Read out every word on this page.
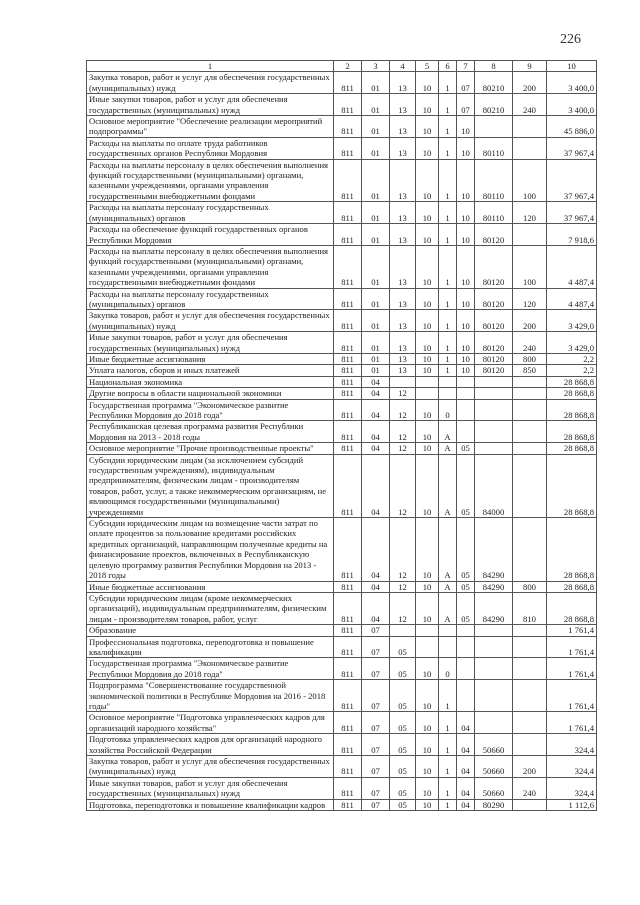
226
1	2	3	4	5	6	7	8	9	10
Закупка товаров, работ и услуг для обеспечения государственных (муниципальных) нужд	811	01	13	10	1	07	80210	200	3 400,0
Иные закупки товаров, работ и услуг для обеспечения государственных (муниципальных) нужд	811	01	13	10	1	07	80210	240	3 400,0
Основное мероприятие "Обеспечение реализации мероприятий подпрограммы"	811	01	13	10	1	10			45 886,0
Расходы на выплаты по оплате труда работников государственных органов Республики Мордовия	811	01	13	10	1	10	80110		37 967,4
Расходы на выплаты персоналу в целях обеспечения выполнения функций государственными (муниципальными) органами, казенными учреждениями, органами управления государственными внебюджетными фондами	811	01	13	10	1	10	80110	100	37 967,4
Расходы на выплаты персоналу государственных (муниципальных) органов	811	01	13	10	1	10	80110	120	37 967,4
Расходы на обеспечение функций государственных органов Республики Мордовия	811	01	13	10	1	10	80120		7 918,6
Расходы на выплаты персоналу в целях обеспечения выполнения функций государственными (муниципальными) органами, казенными учреждениями, органами управления государственными внебюджетными фондами	811	01	13	10	1	10	80120	100	4 487,4
Расходы на выплаты персоналу государственных (муниципальных) органов	811	01	13	10	1	10	80120	120	4 487,4
Закупка товаров, работ и услуг для обеспечения государственных (муниципальных) нужд	811	01	13	10	1	10	80120	200	3 429,0
Иные закупки товаров, работ и услуг для обеспечения государственных (муниципальных) нужд	811	01	13	10	1	10	80120	240	3 429,0
Иные бюджетные ассигнования	811	01	13	10	1	10	80120	800	2,2
Уплата налогов, сборов и иных платежей	811	01	13	10	1	10	80120	850	2,2
Национальная экономика	811	04							28 868,8
Другие вопросы в области национальной экономики	811	04	12						28 868,8
Государственная программа "Экономическое развитие Республики Мордовия до 2018 года"	811	04	12	10	0				28 868,8
Республиканская целевая программа развития Республики Мордовия на 2013 - 2018 годы	811	04	12	10	А				28 868,8
Основное мероприятие "Прочие производственные проекты"	811	04	12	10	А	05			28 868,8
Субсидии юридическим лицам (за исключением субсидий государственным учреждениям), индивидуальным предпринимателям, физическим лицам - производителям товаров, работ, услуг, а также некоммерческим организациям, не являющимся государственными (муниципальными) учреждениями	811	04	12	10	А	05	84000		28 868,8
Субсидии юридическим лицам на возмещение части затрат по оплате процентов за пользование кредитами российских кредитных организаций, направляющим полученные кредиты на финансирование проектов, включенных в Республиканскую целевую программу развития Республики Мордовия на 2013 - 2018 годы	811	04	12	10	А	05	84290		28 868,8
Иные бюджетные ассигнования	811	04	12	10	А	05	84290	800	28 868,8
Субсидии юридическим лицам (кроме некоммерческих организаций), индивидуальным предпринимателям, физическим лицам - производителям товаров, работ, услуг	811	04	12	10	А	05	84290	810	28 868,8
Образование	811	07							1 761,4
Профессиональная подготовка, переподготовка и повышение квалификации	811	07	05						1 761,4
Государственная программа "Экономическое развитие Республики Мордовия до 2018 года"	811	07	05	10	0				1 761,4
Подпрограмма "Совершенствование государственной экономической политики в Республике Мордовия на 2016 - 2018 годы"	811	07	05	10	1				1 761,4
Основное мероприятие "Подготовка управленческих кадров для организаций народного хозяйства"	811	07	05	10	1	04			1 761,4
Подготовка управленческих кадров для организаций народного хозяйства Российской Федерации	811	07	05	10	1	04	50660		324,4
Закупка товаров, работ и услуг для обеспечения государственных (муниципальных) нужд	811	07	05	10	1	04	50660	200	324,4
Иные закупки товаров, работ и услуг для обеспечения государственных (муниципальных) нужд	811	07	05	10	1	04	50660	240	324,4
Подготовка, переподготовка и повышение квалификации кадров	811	07	05	10	1	04	80290		1 112,6
